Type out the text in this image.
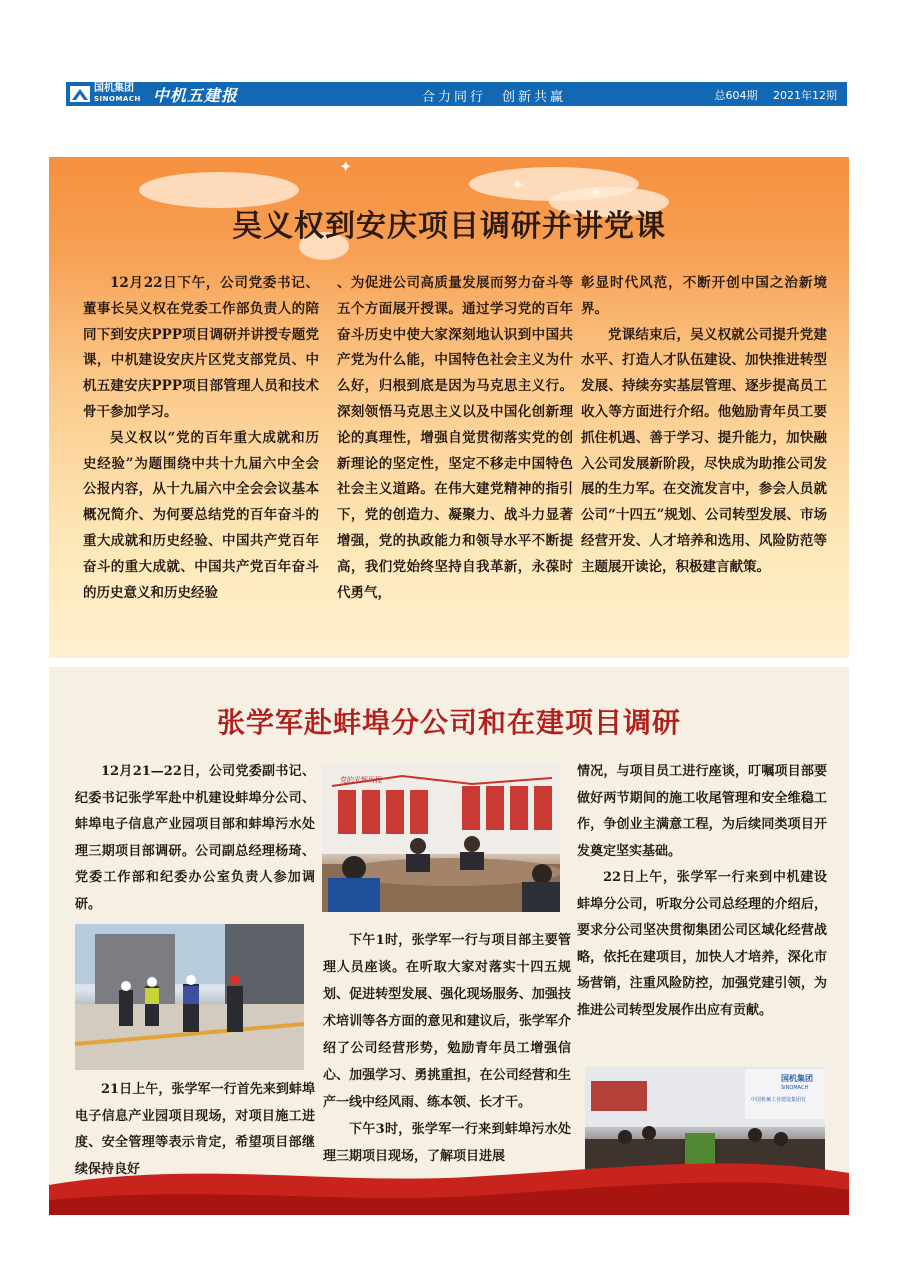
国机集团
SINOMACH 中机五建报	合力同行　创新共赢	总604期 2021年12期
✦
✦	✦
吴义权到安庆项目调研并讲党课

12月22日下午，公司党委书记、董事长吴义权在党委工作部负责人的陪同下到安庆PPP项目调研并讲授专题党课，中机建设安庆片区党支部党员、中机五建安庆PPP项目部管理人员和技术骨干参加学习。

吴义权以“党的百年重大成就和历史经验”为题围绕中共十九届六中全会公报内容，从十九届六中全会会议基本概况简介、为何要总结党的百年奋斗的重大成就和历史经验、中国共产党百年奋斗的重大成就、中国共产党百年奋斗的历史意义和历史经验

、为促进公司高质量发展而努力奋斗等五个方面展开授课。通过学习党的百年奋斗历史中使大家深刻地认识到中国共产党为什么能，中国特色社会主义为什么好，归根到底是因为马克思主义行。深刻领悟马克思主义以及中国化创新理论的真理性，增强自觉贯彻落实党的创新理论的坚定性，坚定不移走中国特色社会主义道路。在伟大建党精神的指引下，党的创造力、凝聚力、战斗力显著增强，党的执政能力和领导水平不断提高，我们党始终坚持自我革新，永葆时代勇气，

彰显时代风范，不断开创中国之治新境界。

党课结束后，吴义权就公司提升党建水平、打造人才队伍建设、加快推进转型发展、持续夯实基层管理、逐步提高员工收入等方面进行介绍。他勉励青年员工要抓住机遇、善于学习、提升能力，加快融入公司发展新阶段，尽快成为助推公司发展的生力军。在交流发言中，参会人员就公司“十四五”规划、公司转型发展、市场经营开发、人才培养和选用、风险防范等主题展开读论，积极建言献策。

张学军赴蚌埠分公司和在建项目调研

12月21—22日，公司党委副书记、纪委书记张学军赴中机建设蚌埠分公司、蚌埠电子信息产业园项目部和蚌埠污水处理三期项目部调研。公司副总经理杨琦、党委工作部和纪委办公室负责人参加调研。

党的光辉历程

21日上午，张学军一行首先来到蚌埠电子信息产业园项目现场，对项目施工进度、安全管理等表示肯定，希望项目部继续保持良好

下午1时，张学军一行与项目部主要管理人员座谈。在听取大家对落实十四五规划、促进转型发展、强化现场服务、加强技术培训等各方面的意见和建议后，张学军介绍了公司经营形势，勉励青年员工增强信心、加强学习、勇挑重担，在公司经营和生产一线中经风雨、练本领、长才干。

下午3时，张学军一行来到蚌埠污水处理三期项目现场，了解项目进展

情况，与项目员工进行座谈，叮嘱项目部要做好两节期间的施工收尾管理和安全维稳工作，争创业主满意工程，为后续同类项目开发奠定坚实基础。

22日上午，张学军一行来到中机建设蚌埠分公司，听取分公司总经理的介绍后，要求分公司坚决贯彻集团公司区域化经营战略，依托在建项目，加快人才培养，深化市场营销，注重风险防控，加强党建引领，为推进公司转型发展作出应有贡献。

国机集团
SINOMACH
中国机械工业建设集团有
